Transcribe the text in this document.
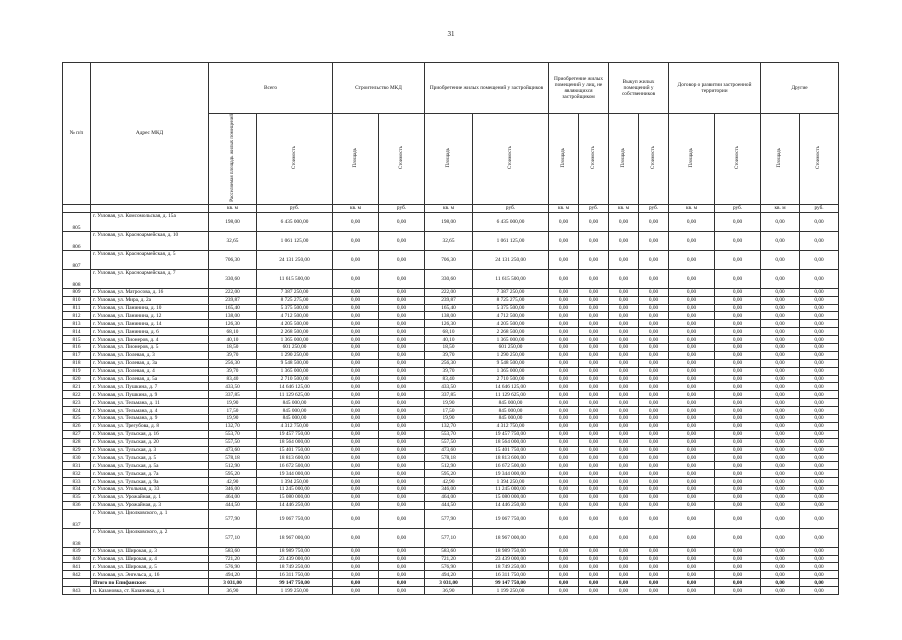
31
№ п/п	Адрес МКД	Всего		Строительство МКД		Приобретение жилых помещений у застройщиков		Приобретение жилых помещений у лиц, не являющихся застройщиком		Выкуп жилых помещений у собственников		Договор о развитии застроенной территории		Другие	
		Расселяемая площадь жилых помещений	Стоимость	Площадь	Стоимость	Площадь	Стоимость	Площадь	Стоимость	Площадь	Стоимость	Площадь	Стоимость	Площадь	Стоимость
		кв. м	руб.	кв. м	руб.	кв. м	руб.	кв. м	руб.	кв. м	руб.	кв. м	руб.	кв. м	руб.
805	г. Узловая, ул. Комсомольская, д. 15а	198,00	6 435 000,00	0,00	0,00	198,00	6 435 000,00	0,00	0,00	0,00	0,00	0,00	0,00	0,00	0,00
806	г. Узловая, ул. Красноармейская, д. 10	32,65	1 061 125,00	0,00	0,00	32,65	1 061 125,00	0,00	0,00	0,00	0,00	0,00	0,00	0,00	0,00
807	г. Узловая, ул. Красноармейская, д. 5	706,30	24 131 250,00	0,00	0,00	706,30	24 131 250,00	0,00	0,00	0,00	0,00	0,00	0,00	0,00	0,00
808	г. Узловая, ул. Красноармейская, д. 7	330,60	11 615 500,00	0,00	0,00	330,60	11 615 500,00	0,00	0,00	0,00	0,00	0,00	0,00	0,00	0,00
809	г. Узловая, ул. Матросова, д. 16	222,00	7 387 250,00	0,00	0,00	222,00	7 387 250,00	0,00	0,00	0,00	0,00	0,00	0,00	0,00	0,00
810	г. Узловая, ул. Мира, д. 2а	239,87	8 725 275,00	0,00	0,00	239,87	8 725 275,00	0,00	0,00	0,00	0,00	0,00	0,00	0,00	0,00
811	г. Узловая, ул. Панинина, д. 10	165,40	5 375 500,00	0,00	0,00	165,40	5 375 500,00	0,00	0,00	0,00	0,00	0,00	0,00	0,00	0,00
812	г. Узловая, ул. Панинина, д. 12	138,00	4 712 500,00	0,00	0,00	138,00	4 712 500,00	0,00	0,00	0,00	0,00	0,00	0,00	0,00	0,00
813	г. Узловая, ул. Панинина, д. 14	126,30	4 205 500,00	0,00	0,00	126,30	4 205 500,00	0,00	0,00	0,00	0,00	0,00	0,00	0,00	0,00
814	г. Узловая, ул. Панинина, д. 6	68,10	2 268 500,00	0,00	0,00	68,10	2 268 500,00	0,00	0,00	0,00	0,00	0,00	0,00	0,00	0,00
815	г. Узловая, ул. Пионеров, д. 4	40,10	1 365 000,00	0,00	0,00	40,10	1 365 000,00	0,00	0,00	0,00	0,00	0,00	0,00	0,00	0,00
816	г. Узловая, ул. Пионеров, д. 5	18,50	601 250,00	0,00	0,00	18,50	601 250,00	0,00	0,00	0,00	0,00	0,00	0,00	0,00	0,00
817	г. Узловая, ул. Полевая, д. 3	39,70	1 290 250,00	0,00	0,00	39,70	1 290 250,00	0,00	0,00	0,00	0,00	0,00	0,00	0,00	0,00
818	г. Узловая, ул. Полевая, д. 3а	256,30	9 548 500,00	0,00	0,00	256,30	9 548 500,00	0,00	0,00	0,00	0,00	0,00	0,00	0,00	0,00
819	г. Узловая, ул. Полевая, д. 4	39,70	1 365 000,00	0,00	0,00	39,70	1 365 000,00	0,00	0,00	0,00	0,00	0,00	0,00	0,00	0,00
820	г. Узловая, ул. Полевая, д. 5а	83,40	2 710 500,00	0,00	0,00	83,40	2 710 500,00	0,00	0,00	0,00	0,00	0,00	0,00	0,00	0,00
821	г. Узловая, ул. Пушкина, д. 7	433,50	14 646 125,00	0,00	0,00	433,50	14 646 125,00	0,00	0,00	0,00	0,00	0,00	0,00	0,00	0,00
822	г. Узловая, ул. Пушкина, д. 9	337,85	11 129 625,00	0,00	0,00	337,85	11 129 625,00	0,00	0,00	0,00	0,00	0,00	0,00	0,00	0,00
823	г. Узловая, ул. Тельмана, д. 11	19,90	845 000,00	0,00	0,00	19,90	845 000,00	0,00	0,00	0,00	0,00	0,00	0,00	0,00	0,00
824	г. Узловая, ул. Тельмана, д. 4	17,50	845 000,00	0,00	0,00	17,50	845 000,00	0,00	0,00	0,00	0,00	0,00	0,00	0,00	0,00
825	г. Узловая, ул. Тельмана, д. 9	19,90	845 000,00	0,00	0,00	19,90	845 000,00	0,00	0,00	0,00	0,00	0,00	0,00	0,00	0,00
826	г. Узловая, ул. Трегубова, д. 8	132,70	4 312 750,00	0,00	0,00	132,70	4 312 750,00	0,00	0,00	0,00	0,00	0,00	0,00	0,00	0,00
827	г. Узловая, ул. Тульская, д. 16	553,70	19 457 750,00	0,00	0,00	553,70	19 457 750,00	0,00	0,00	0,00	0,00	0,00	0,00	0,00	0,00
828	г. Узловая, ул. Тульская, д. 20	557,50	18 564 000,00	0,00	0,00	557,50	18 564 000,00	0,00	0,00	0,00	0,00	0,00	0,00	0,00	0,00
829	г. Узловая, ул. Тульская, д. 3	473,60	15 401 750,00	0,00	0,00	473,60	15 401 750,00	0,00	0,00	0,00	0,00	0,00	0,00	0,00	0,00
830	г. Узловая, ул. Тульская, д. 5	578,18	18 813 600,00	0,00	0,00	578,18	18 813 600,00	0,00	0,00	0,00	0,00	0,00	0,00	0,00	0,00
831	г. Узловая, ул. Тульская, д. 5а	512,90	16 672 500,00	0,00	0,00	512,90	16 672 500,00	0,00	0,00	0,00	0,00	0,00	0,00	0,00	0,00
832	г. Узловая, ул. Тульская, д. 7а	595,20	19 344 000,00	0,00	0,00	595,20	19 344 000,00	0,00	0,00	0,00	0,00	0,00	0,00	0,00	0,00
833	г. Узловая, ул. Тульская, д. 9а	42,90	1 394 250,00	0,00	0,00	42,90	1 394 250,00	0,00	0,00	0,00	0,00	0,00	0,00	0,00	0,00
834	г. Узловая, ул. Угольная, д. 33	346,00	11 245 000,00	0,00	0,00	346,00	11 245 000,00	0,00	0,00	0,00	0,00	0,00	0,00	0,00	0,00
835	г. Узловая, ул. Урожайная, д. 1	464,00	15 080 000,00	0,00	0,00	464,00	15 080 000,00	0,00	0,00	0,00	0,00	0,00	0,00	0,00	0,00
836	г. Узловая, ул. Урожайная, д. 3	444,50	14 446 250,00	0,00	0,00	444,50	14 446 250,00	0,00	0,00	0,00	0,00	0,00	0,00	0,00	0,00
837	г. Узловая, ул. Циолковского, д. 1	577,90	19 067 750,00	0,00	0,00	577,90	19 067 750,00	0,00	0,00	0,00	0,00	0,00	0,00	0,00	0,00
838	г. Узловая, ул. Циолковского, д. 2	577,10	18 967 000,00	0,00	0,00	577,10	18 967 000,00	0,00	0,00	0,00	0,00	0,00	0,00	0,00	0,00
839	г. Узловая, ул. Широкая, д. 3	583,60	18 989 750,00	0,00	0,00	583,60	18 989 750,00	0,00	0,00	0,00	0,00	0,00	0,00	0,00	0,00
840	г. Узловая, ул. Широкая, д. 4	721,20	23 439 000,00	0,00	0,00	721,20	23 439 000,00	0,00	0,00	0,00	0,00	0,00	0,00	0,00	0,00
841	г. Узловая, ул. Широкая, д. 5	576,90	18 749 250,00	0,00	0,00	576,90	18 749 250,00	0,00	0,00	0,00	0,00	0,00	0,00	0,00	0,00
842	г. Узловая, ул. Энгельса, д. 16	494,20	16 311 750,00	0,00	0,00	494,20	16 311 750,00	0,00	0,00	0,00	0,00	0,00	0,00	0,00	0,00
	Итого по Епифанское:	3 031,00	99 147 750,00	0,00	0,00	3 031,00	99 147 750,00	0,00	0,00	0,00	0,00	0,00	0,00	0,00	0,00
843	п. Казановка, ст. Казановка, д. 1	36,90	1 199 250,00	0,00	0,00	36,90	1 199 250,00	0,00	0,00	0,00	0,00	0,00	0,00	0,00	0,00
